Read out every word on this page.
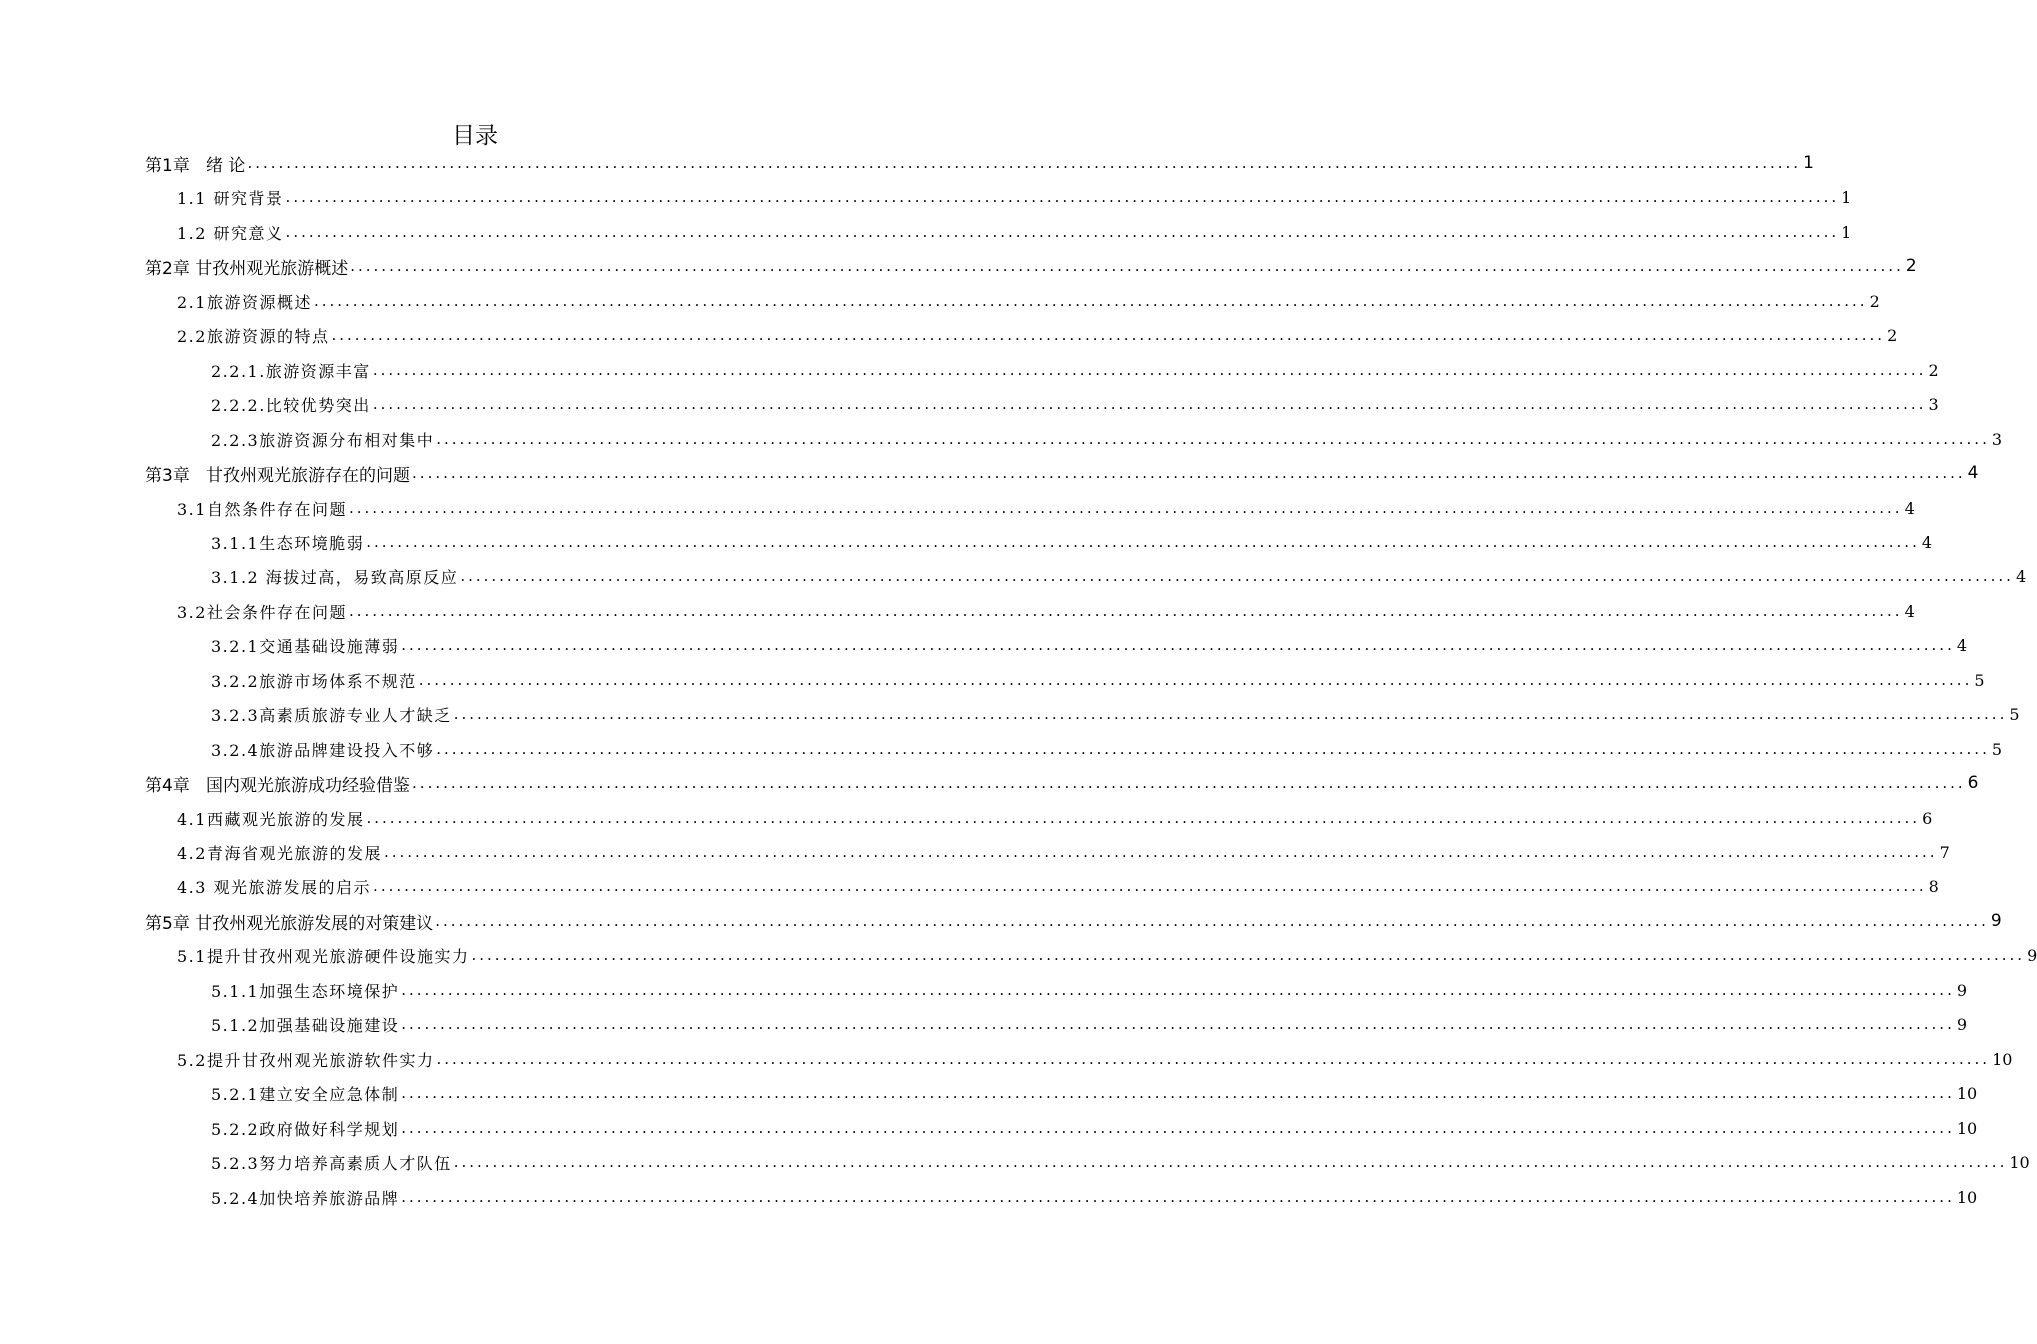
目录
第1章   绪 论 ........................................................................................................................................................................................................ 1
1.1 研究背景 ........................................................................................................................................................................................................ 1
1.2 研究意义 ........................................................................................................................................................................................................ 1
第2章 甘孜州观光旅游概述 ........................................................................................................................................................................................................ 2
2.1旅游资源概述 ........................................................................................................................................................................................................ 2
2.2旅游资源的特点 ........................................................................................................................................................................................................ 2
2.2.1.旅游资源丰富 ........................................................................................................................................................................................................ 2
2.2.2.比较优势突出 ........................................................................................................................................................................................................ 3
2.2.3旅游资源分布相对集中 ........................................................................................................................................................................................................ 3
第3章   甘孜州观光旅游存在的问题 ........................................................................................................................................................................................................ 4
3.1自然条件存在问题 ........................................................................................................................................................................................................ 4
3.1.1生态环境脆弱 ........................................................................................................................................................................................................ 4
3.1.2 海拔过高，易致高原反应 ........................................................................................................................................................................................................ 4
3.2社会条件存在问题 ........................................................................................................................................................................................................ 4
3.2.1交通基础设施薄弱 ........................................................................................................................................................................................................ 4
3.2.2旅游市场体系不规范 ........................................................................................................................................................................................................ 5
3.2.3高素质旅游专业人才缺乏 ........................................................................................................................................................................................................ 5
3.2.4旅游品牌建设投入不够 ........................................................................................................................................................................................................ 5
第4章   国内观光旅游成功经验借鉴 ........................................................................................................................................................................................................ 6
4.1西藏观光旅游的发展 ........................................................................................................................................................................................................ 6
4.2青海省观光旅游的发展 ........................................................................................................................................................................................................ 7
4.3 观光旅游发展的启示 ........................................................................................................................................................................................................ 8
第5章 甘孜州观光旅游发展的对策建议 ........................................................................................................................................................................................................ 9
5.1提升甘孜州观光旅游硬件设施实力 ........................................................................................................................................................................................................ 9
5.1.1加强生态环境保护 ........................................................................................................................................................................................................ 9
5.1.2加强基础设施建设 ........................................................................................................................................................................................................ 9
5.2提升甘孜州观光旅游软件实力 ........................................................................................................................................................................................................ 10
5.2.1建立安全应急体制 ........................................................................................................................................................................................................ 10
5.2.2政府做好科学规划 ........................................................................................................................................................................................................ 10
5.2.3努力培养高素质人才队伍 ........................................................................................................................................................................................................ 10
5.2.4加快培养旅游品牌 ........................................................................................................................................................................................................ 10
